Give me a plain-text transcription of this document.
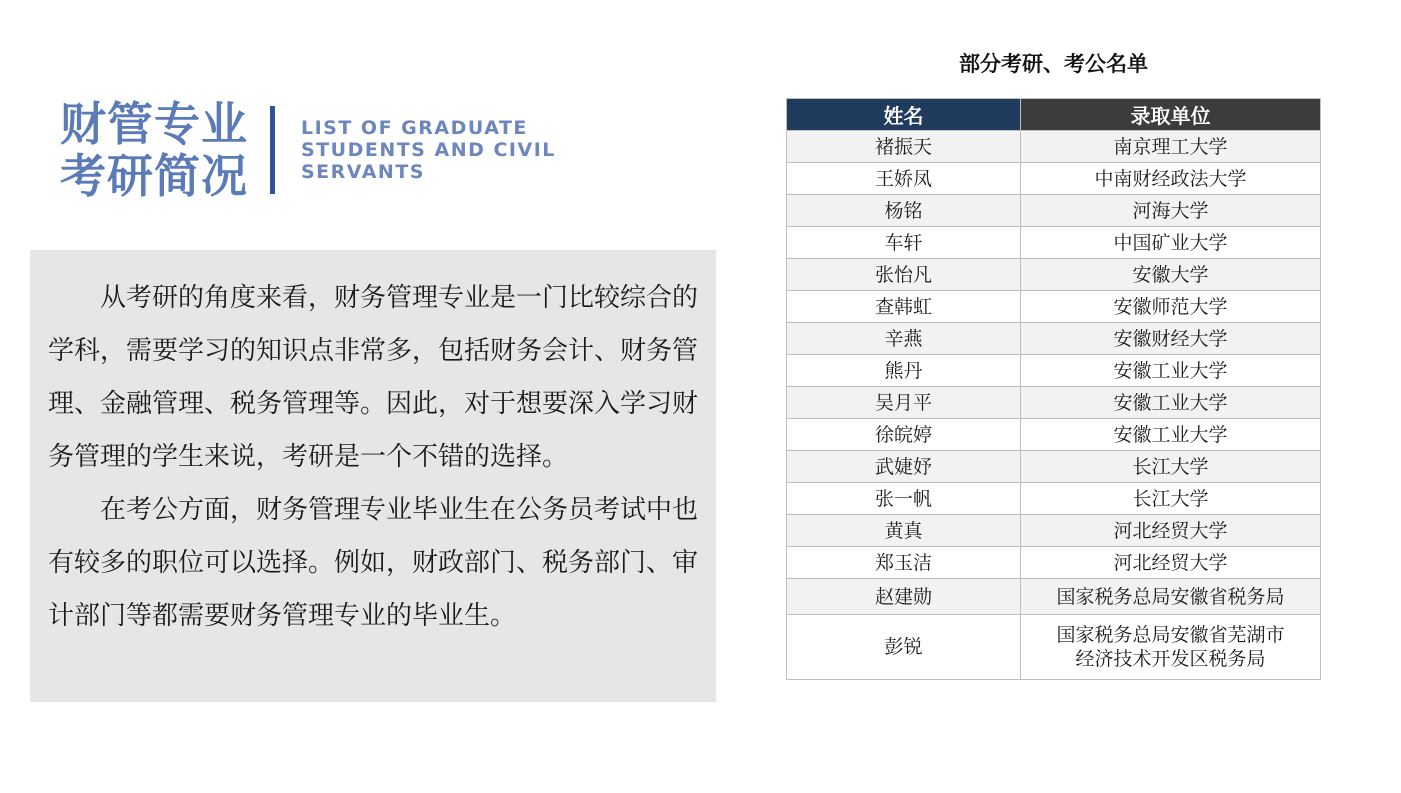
财管专业
考研简况
LIST OF GRADUATE
STUDENTS AND CIVIL
SERVANTS

从考研的角度来看，财务管理专业是一门比较综合的学科，需要学习的知识点非常多，包括财务会计、财务管理、金融管理、税务管理等。因此，对于想要深入学习财务管理的学生来说，考研是一个不错的选择。

在考公方面，财务管理专业毕业生在公务员考试中也有较多的职位可以选择。例如，财政部门、税务部门、审计部门等都需要财务管理专业的毕业生。

部分考研、考公名单
姓名	录取单位
褚振天	南京理工大学
王娇凤	中南财经政法大学
杨铭	河海大学
车轩	中国矿业大学
张怡凡	安徽大学
查韩虹	安徽师范大学
辛燕	安徽财经大学
熊丹	安徽工业大学
吴月平	安徽工业大学
徐皖婷	安徽工业大学
武婕妤	长江大学
张一帆	长江大学
黄真	河北经贸大学
郑玉洁	河北经贸大学
赵建勋	国家税务总局安徽省税务局
彭锐	国家税务总局安徽省芜湖市
经济技术开发区税务局
